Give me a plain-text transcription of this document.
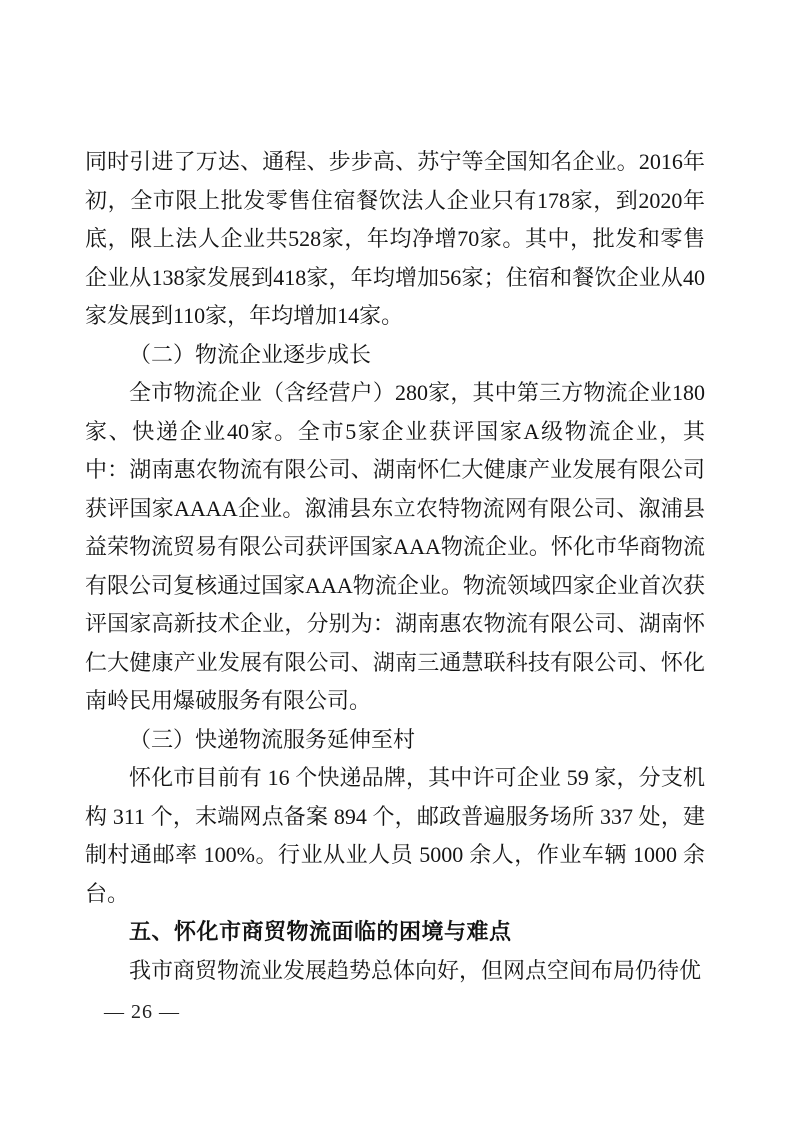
同时引进了万达、通程、步步高、苏宁等全国知名企业。2016年初，全市限上批发零售住宿餐饮法人企业只有178家，到2020年底，限上法人企业共528家，年均净增70家。其中，批发和零售企业从138家发展到418家，年均增加56家；住宿和餐饮企业从40家发展到110家，年均增加14家。

（二）物流企业逐步成长

全市物流企业（含经营户）280家，其中第三方物流企业180家、快递企业40家。全市5家企业获评国家A级物流企业，其中：湖南惠农物流有限公司、湖南怀仁大健康产业发展有限公司获评国家AAAA企业。溆浦县东立农特物流网有限公司、溆浦县益荣物流贸易有限公司获评国家AAA物流企业。怀化市华商物流有限公司复核通过国家AAA物流企业。物流领域四家企业首次获评国家高新技术企业，分别为：湖南惠农物流有限公司、湖南怀仁大健康产业发展有限公司、湖南三通慧联科技有限公司、怀化南岭民用爆破服务有限公司。

（三）快递物流服务延伸至村

怀化市目前有 16 个快递品牌，其中许可企业 59 家，分支机构 311 个，末端网点备案 894 个，邮政普遍服务场所 337 处，建制村通邮率 100%。行业从业人员 5000 余人，作业车辆 1000 余台。

五、怀化市商贸物流面临的困境与难点

我市商贸物流业发展趋势总体向好，但网点空间布局仍待优

— 26 —
